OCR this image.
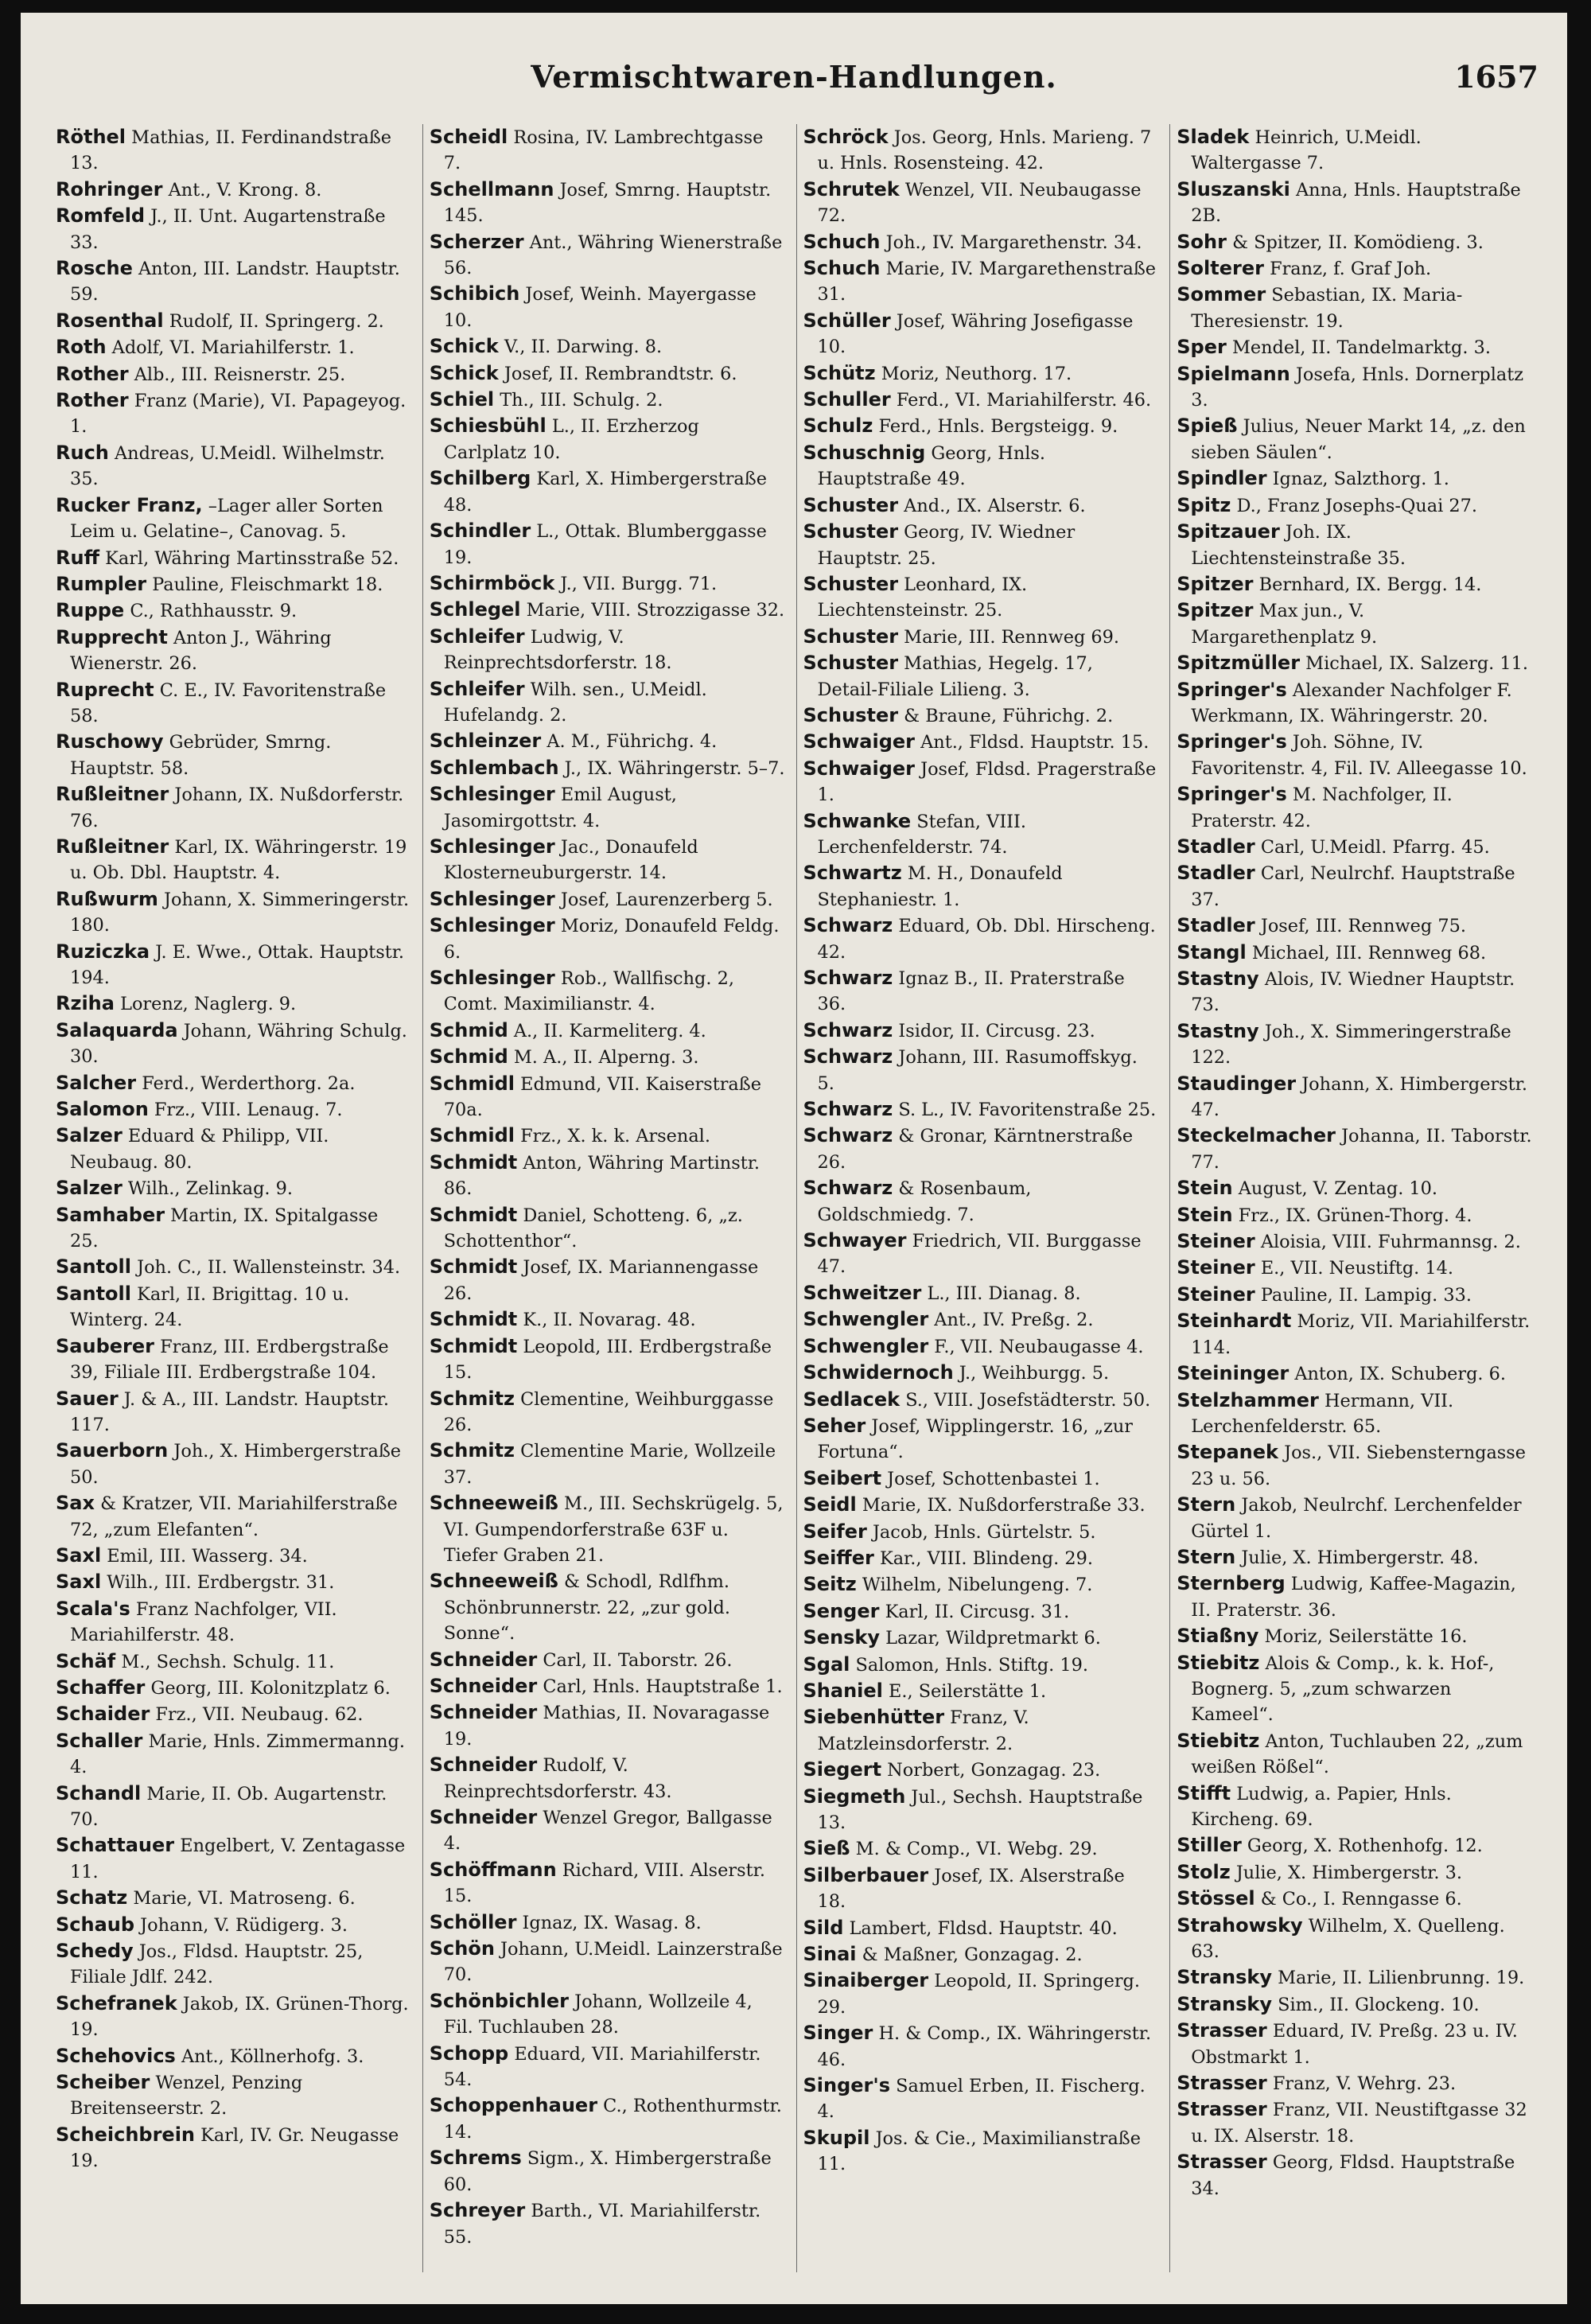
Vermischtwaren-Handlungen.	1657
Röthel Mathias, II. Ferdinandstraße 13.
Rohringer Ant., V. Krong. 8.
Romfeld J., II. Unt. Augartenstraße 33.
Rosche Anton, III. Landstr. Hauptstr. 59.
Rosenthal Rudolf, II. Springerg. 2.
Roth Adolf, VI. Mariahilferstr. 1.
Rother Alb., III. Reisnerstr. 25.
Rother Franz (Marie), VI. Papageyog. 1.
Ruch Andreas, U.Meidl. Wilhelmstr. 35.
Rucker Franz, –Lager aller Sorten Leim u. Gelatine–, Canovag. 5.
Ruff Karl, Währing Martinsstraße 52.
Rumpler Pauline, Fleischmarkt 18.
Ruppe C., Rathhausstr. 9.
Rupprecht Anton J., Währing Wienerstr. 26.
Ruprecht C. E., IV. Favoritenstraße 58.
Ruschowy Gebrüder, Smrng. Hauptstr. 58.
Rußleitner Johann, IX. Nußdorferstr. 76.
Rußleitner Karl, IX. Währingerstr. 19 u. Ob. Dbl. Hauptstr. 4.
Rußwurm Johann, X. Simmeringerstr. 180.
Ruziczka J. E. Wwe., Ottak. Hauptstr. 194.
Rziha Lorenz, Naglerg. 9.
Salaquarda Johann, Währing Schulg. 30.
Salcher Ferd., Werderthorg. 2a.
Salomon Frz., VIII. Lenaug. 7.
Salzer Eduard & Philipp, VII. Neubaug. 80.
Salzer Wilh., Zelinkag. 9.
Samhaber Martin, IX. Spitalgasse 25.
Santoll Joh. C., II. Wallensteinstr. 34.
Santoll Karl, II. Brigittag. 10 u. Winterg. 24.
Sauberer Franz, III. Erdbergstraße 39, Filiale III. Erdbergstraße 104.
Sauer J. & A., III. Landstr. Hauptstr. 117.
Sauerborn Joh., X. Himbergerstraße 50.
Sax & Kratzer, VII. Mariahilferstraße 72, „zum Elefanten“.
Saxl Emil, III. Wasserg. 34.
Saxl Wilh., III. Erdbergstr. 31.
Scala's Franz Nachfolger, VII. Mariahilferstr. 48.
Schäf M., Sechsh. Schulg. 11.
Schaffer Georg, III. Kolonitzplatz 6.
Schaider Frz., VII. Neubaug. 62.
Schaller Marie, Hnls. Zimmermanng. 4.
Schandl Marie, II. Ob. Augartenstr. 70.
Schattauer Engelbert, V. Zentagasse 11.
Schatz Marie, VI. Matroseng. 6.
Schaub Johann, V. Rüdigerg. 3.
Schedy Jos., Fldsd. Hauptstr. 25, Filiale Jdlf. 242.
Schefranek Jakob, IX. Grünen-Thorg. 19.
Schehovics Ant., Köllnerhofg. 3.
Scheiber Wenzel, Penzing Breitenseerstr. 2.
Scheichbrein Karl, IV. Gr. Neugasse 19.
Scheidl Rosina, IV. Lambrechtgasse 7.
Schellmann Josef, Smrng. Hauptstr. 145.
Scherzer Ant., Währing Wienerstraße 56.
Schibich Josef, Weinh. Mayergasse 10.
Schick V., II. Darwing. 8.
Schick Josef, II. Rembrandtstr. 6.
Schiel Th., III. Schulg. 2.
Schiesbühl L., II. Erzherzog Carlplatz 10.
Schilberg Karl, X. Himbergerstraße 48.
Schindler L., Ottak. Blumberggasse 19.
Schirmböck J., VII. Burgg. 71.
Schlegel Marie, VIII. Strozzigasse 32.
Schleifer Ludwig, V. Reinprechtsdorferstr. 18.
Schleifer Wilh. sen., U.Meidl. Hufelandg. 2.
Schleinzer A. M., Führichg. 4.
Schlembach J., IX. Währingerstr. 5–7.
Schlesinger Emil August, Jasomirgottstr. 4.
Schlesinger Jac., Donaufeld Klosterneuburgerstr. 14.
Schlesinger Josef, Laurenzerberg 5.
Schlesinger Moriz, Donaufeld Feldg. 6.
Schlesinger Rob., Wallfischg. 2, Comt. Maximilianstr. 4.
Schmid A., II. Karmeliterg. 4.
Schmid M. A., II. Alperng. 3.
Schmidl Edmund, VII. Kaiserstraße 70a.
Schmidl Frz., X. k. k. Arsenal.
Schmidt Anton, Währing Martinstr. 86.
Schmidt Daniel, Schotteng. 6, „z. Schottenthor“.
Schmidt Josef, IX. Mariannengasse 26.
Schmidt K., II. Novarag. 48.
Schmidt Leopold, III. Erdbergstraße 15.
Schmitz Clementine, Weihburggasse 26.
Schmitz Clementine Marie, Wollzeile 37.
Schneeweiß M., III. Sechskrügelg. 5, VI. Gumpendorferstraße 63F u. Tiefer Graben 21.
Schneeweiß & Schodl, Rdlfhm. Schönbrunnerstr. 22, „zur gold. Sonne“.
Schneider Carl, II. Taborstr. 26.
Schneider Carl, Hnls. Hauptstraße 1.
Schneider Mathias, II. Novaragasse 19.
Schneider Rudolf, V. Reinprechtsdorferstr. 43.
Schneider Wenzel Gregor, Ballgasse 4.
Schöffmann Richard, VIII. Alserstr. 15.
Schöller Ignaz, IX. Wasag. 8.
Schön Johann, U.Meidl. Lainzerstraße 70.
Schönbichler Johann, Wollzeile 4, Fil. Tuchlauben 28.
Schopp Eduard, VII. Mariahilferstr. 54.
Schoppenhauer C., Rothenthurmstr. 14.
Schrems Sigm., X. Himbergerstraße 60.
Schreyer Barth., VI. Mariahilferstr. 55.
Schröck Jos. Georg, Hnls. Marieng. 7 u. Hnls. Rosensteing. 42.
Schrutek Wenzel, VII. Neubaugasse 72.
Schuch Joh., IV. Margarethenstr. 34.
Schuch Marie, IV. Margarethenstraße 31.
Schüller Josef, Währing Josefigasse 10.
Schütz Moriz, Neuthorg. 17.
Schuller Ferd., VI. Mariahilferstr. 46.
Schulz Ferd., Hnls. Bergsteigg. 9.
Schuschnig Georg, Hnls. Hauptstraße 49.
Schuster And., IX. Alserstr. 6.
Schuster Georg, IV. Wiedner Hauptstr. 25.
Schuster Leonhard, IX. Liechtensteinstr. 25.
Schuster Marie, III. Rennweg 69.
Schuster Mathias, Hegelg. 17, Detail-Filiale Lilieng. 3.
Schuster & Braune, Führichg. 2.
Schwaiger Ant., Fldsd. Hauptstr. 15.
Schwaiger Josef, Fldsd. Pragerstraße 1.
Schwanke Stefan, VIII. Lerchenfelderstr. 74.
Schwartz M. H., Donaufeld Stephaniestr. 1.
Schwarz Eduard, Ob. Dbl. Hirscheng. 42.
Schwarz Ignaz B., II. Praterstraße 36.
Schwarz Isidor, II. Circusg. 23.
Schwarz Johann, III. Rasumoffskyg. 5.
Schwarz S. L., IV. Favoritenstraße 25.
Schwarz & Gronar, Kärntnerstraße 26.
Schwarz & Rosenbaum, Goldschmiedg. 7.
Schwayer Friedrich, VII. Burggasse 47.
Schweitzer L., III. Dianag. 8.
Schwengler Ant., IV. Preßg. 2.
Schwengler F., VII. Neubaugasse 4.
Schwidernoch J., Weihburgg. 5.
Sedlacek S., VIII. Josefstädterstr. 50.
Seher Josef, Wipplingerstr. 16, „zur Fortuna“.
Seibert Josef, Schottenbastei 1.
Seidl Marie, IX. Nußdorferstraße 33.
Seifer Jacob, Hnls. Gürtelstr. 5.
Seiffer Kar., VIII. Blindeng. 29.
Seitz Wilhelm, Nibelungeng. 7.
Senger Karl, II. Circusg. 31.
Sensky Lazar, Wildpretmarkt 6.
Sgal Salomon, Hnls. Stiftg. 19.
Shaniel E., Seilerstätte 1.
Siebenhütter Franz, V. Matzleinsdorferstr. 2.
Siegert Norbert, Gonzagag. 23.
Siegmeth Jul., Sechsh. Hauptstraße 13.
Sieß M. & Comp., VI. Webg. 29.
Silberbauer Josef, IX. Alserstraße 18.
Sild Lambert, Fldsd. Hauptstr. 40.
Sinai & Maßner, Gonzagag. 2.
Sinaiberger Leopold, II. Springerg. 29.
Singer H. & Comp., IX. Währingerstr. 46.
Singer's Samuel Erben, II. Fischerg. 4.
Skupil Jos. & Cie., Maximilianstraße 11.
Sladek Heinrich, U.Meidl. Waltergasse 7.
Sluszanski Anna, Hnls. Hauptstraße 2B.
Sohr & Spitzer, II. Komödieng. 3.
Solterer Franz, f. Graf Joh.
Sommer Sebastian, IX. Maria-Theresienstr. 19.
Sper Mendel, II. Tandelmarktg. 3.
Spielmann Josefa, Hnls. Dornerplatz 3.
Spieß Julius, Neuer Markt 14, „z. den sieben Säulen“.
Spindler Ignaz, Salzthorg. 1.
Spitz D., Franz Josephs-Quai 27.
Spitzauer Joh. IX. Liechtensteinstraße 35.
Spitzer Bernhard, IX. Bergg. 14.
Spitzer Max jun., V. Margarethenplatz 9.
Spitzmüller Michael, IX. Salzerg. 11.
Springer's Alexander Nachfolger F. Werkmann, IX. Währingerstr. 20.
Springer's Joh. Söhne, IV. Favoritenstr. 4, Fil. IV. Alleegasse 10.
Springer's M. Nachfolger, II. Praterstr. 42.
Stadler Carl, U.Meidl. Pfarrg. 45.
Stadler Carl, Neulrchf. Hauptstraße 37.
Stadler Josef, III. Rennweg 75.
Stangl Michael, III. Rennweg 68.
Stastny Alois, IV. Wiedner Hauptstr. 73.
Stastny Joh., X. Simmeringerstraße 122.
Staudinger Johann, X. Himbergerstr. 47.
Steckelmacher Johanna, II. Taborstr. 77.
Stein August, V. Zentag. 10.
Stein Frz., IX. Grünen-Thorg. 4.
Steiner Aloisia, VIII. Fuhrmannsg. 2.
Steiner E., VII. Neustiftg. 14.
Steiner Pauline, II. Lampig. 33.
Steinhardt Moriz, VII. Mariahilferstr. 114.
Steininger Anton, IX. Schuberg. 6.
Stelzhammer Hermann, VII. Lerchenfelderstr. 65.
Stepanek Jos., VII. Siebensterngasse 23 u. 56.
Stern Jakob, Neulrchf. Lerchenfelder Gürtel 1.
Stern Julie, X. Himbergerstr. 48.
Sternberg Ludwig, Kaffee-Magazin, II. Praterstr. 36.
Stiaßny Moriz, Seilerstätte 16.
Stiebitz Alois & Comp., k. k. Hof-, Bognerg. 5, „zum schwarzen Kameel“.
Stiebitz Anton, Tuchlauben 22, „zum weißen Rößel“.
Stifft Ludwig, a. Papier, Hnls. Kircheng. 69.
Stiller Georg, X. Rothenhofg. 12.
Stolz Julie, X. Himbergerstr. 3.
Stössel & Co., I. Renngasse 6.
Strahowsky Wilhelm, X. Quelleng. 63.
Stransky Marie, II. Lilienbrunng. 19.
Stransky Sim., II. Glockeng. 10.
Strasser Eduard, IV. Preßg. 23 u. IV. Obstmarkt 1.
Strasser Franz, V. Wehrg. 23.
Strasser Franz, VII. Neustiftgasse 32 u. IX. Alserstr. 18.
Strasser Georg, Fldsd. Hauptstraße 34.
